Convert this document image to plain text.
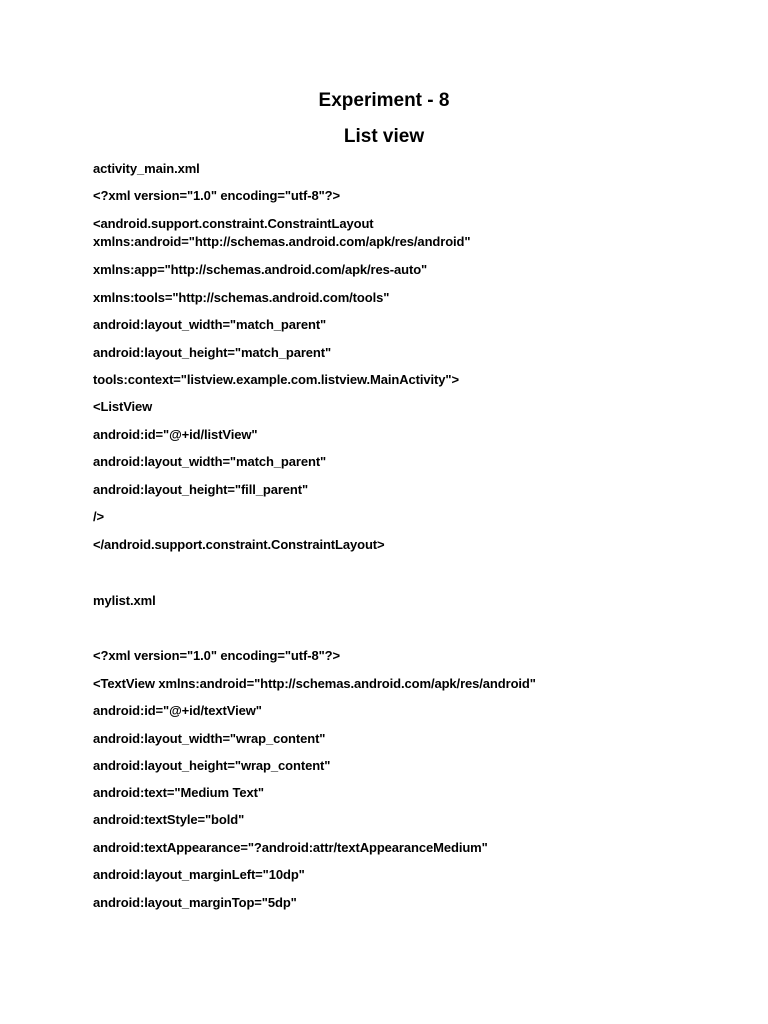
Experiment - 8
List view
activity_main.xml
<?xml version="1.0" encoding="utf-8"?>
<android.support.constraint.ConstraintLayout
xmlns:android="http://schemas.android.com/apk/res/android"
xmlns:app="http://schemas.android.com/apk/res-auto"
xmlns:tools="http://schemas.android.com/tools"
android:layout_width="match_parent"
android:layout_height="match_parent"
tools:context="listview.example.com.listview.MainActivity">
<ListView
android:id="@+id/listView"
android:layout_width="match_parent"
android:layout_height="fill_parent"
/>
</android.support.constraint.ConstraintLayout>
mylist.xml
<?xml version="1.0" encoding="utf-8"?>
<TextView xmlns:android="http://schemas.android.com/apk/res/android"
android:id="@+id/textView"
android:layout_width="wrap_content"
android:layout_height="wrap_content"
android:text="Medium Text"
android:textStyle="bold"
android:textAppearance="?android:attr/textAppearanceMedium"
android:layout_marginLeft="10dp"
android:layout_marginTop="5dp"
